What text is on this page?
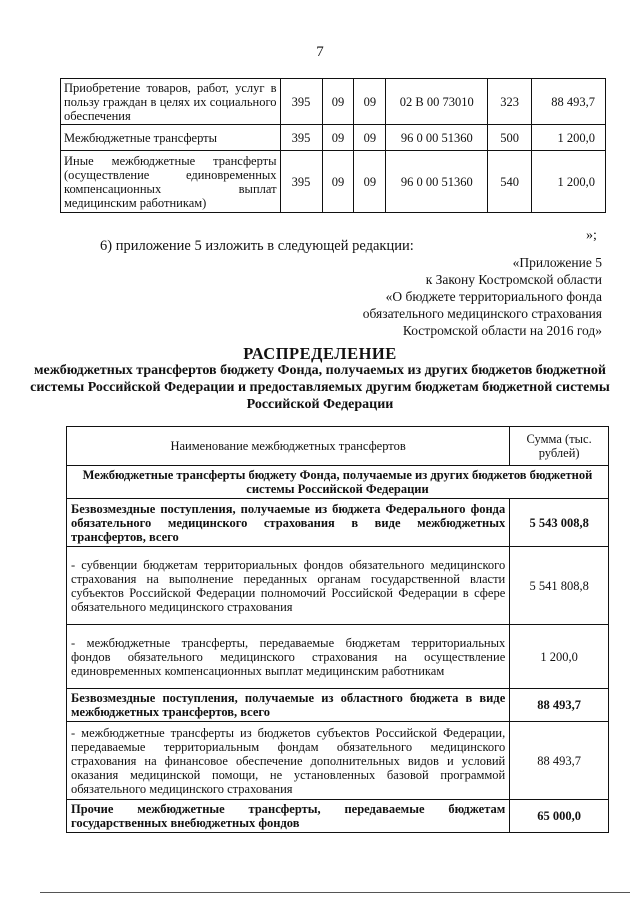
7
Приобретение товаров, работ, услуг в пользу граждан в целях их социального обеспечения	395	09	09	02 В 00 73010	323	88 493,7
Межбюджетные трансферты	395	09	09	96 0 00 51360	500	1 200,0
Иные межбюджетные трансферты (осуществление единовременных компенсационных выплат медицинским работникам)	395	09	09	96 0 00 51360	540	1 200,0
»;
6) приложение 5 изложить в следующей редакции:
«Приложение 5
к Закону Костромской области
«О бюджете территориального фонда
обязательного медицинского страхования
Костромской области на 2016 год»
РАСПРЕДЕЛЕНИЕ
межбюджетных трансфертов бюджету Фонда, получаемых из других бюджетов бюджетной системы Российской Федерации и предоставляемых другим бюджетам бюджетной системы Российской Федерации
Наименование межбюджетных трансфертов	Сумма (тыс. рублей)
Межбюджетные трансферты бюджету Фонда, получаемые из других бюджетов бюджетной системы Российской Федерации	
Безвозмездные поступления, получаемые из бюджета Федерального фонда обязательного медицинского страхования в виде межбюджетных трансфертов, всего	5 543 008,8
- субвенции бюджетам территориальных фондов обязательного медицинского страхования на выполнение переданных органам государственной власти субъектов Российской Федерации полномочий Российской Федерации в сфере обязательного медицинского страхования	5 541 808,8
- межбюджетные трансферты, передаваемые бюджетам территориальных фондов обязательного медицинского страхования на осуществление единовременных компенсационных выплат медицинским работникам	1 200,0
Безвозмездные поступления, получаемые из областного бюджета в виде межбюджетных трансфертов, всего	88 493,7
- межбюджетные трансферты из бюджетов субъектов Российской Федерации, передаваемые территориальным фондам обязательного медицинского страхования на финансовое обеспечение дополнительных видов и условий оказания медицинской помощи, не установленных базовой программой обязательного медицинского страхования	88 493,7
Прочие межбюджетные трансферты, передаваемые бюджетам государственных внебюджетных фондов	65 000,0
